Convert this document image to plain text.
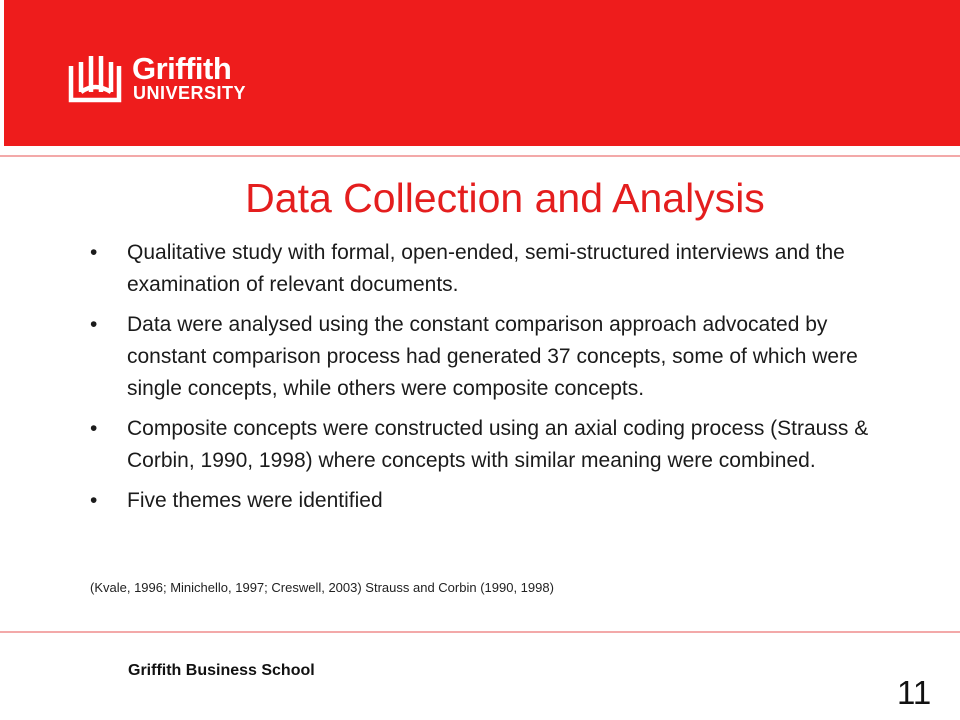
Griffith
UNIVERSITY
Data Collection and Analysis
•	Qualitative study with formal, open-ended, semi-structured interviews and the examination of relevant documents.
•	Data were analysed using the constant comparison approach advocated by constant comparison process had generated 37 concepts, some of which were single concepts, while others were composite concepts.
•	Composite concepts were constructed using an axial coding process (Strauss & Corbin, 1990, 1998) where concepts with similar meaning were combined.
•	Five themes were identified
(Kvale, 1996; Minichello, 1997; Creswell, 2003) Strauss and Corbin (1990, 1998)
Griffith Business School
11
